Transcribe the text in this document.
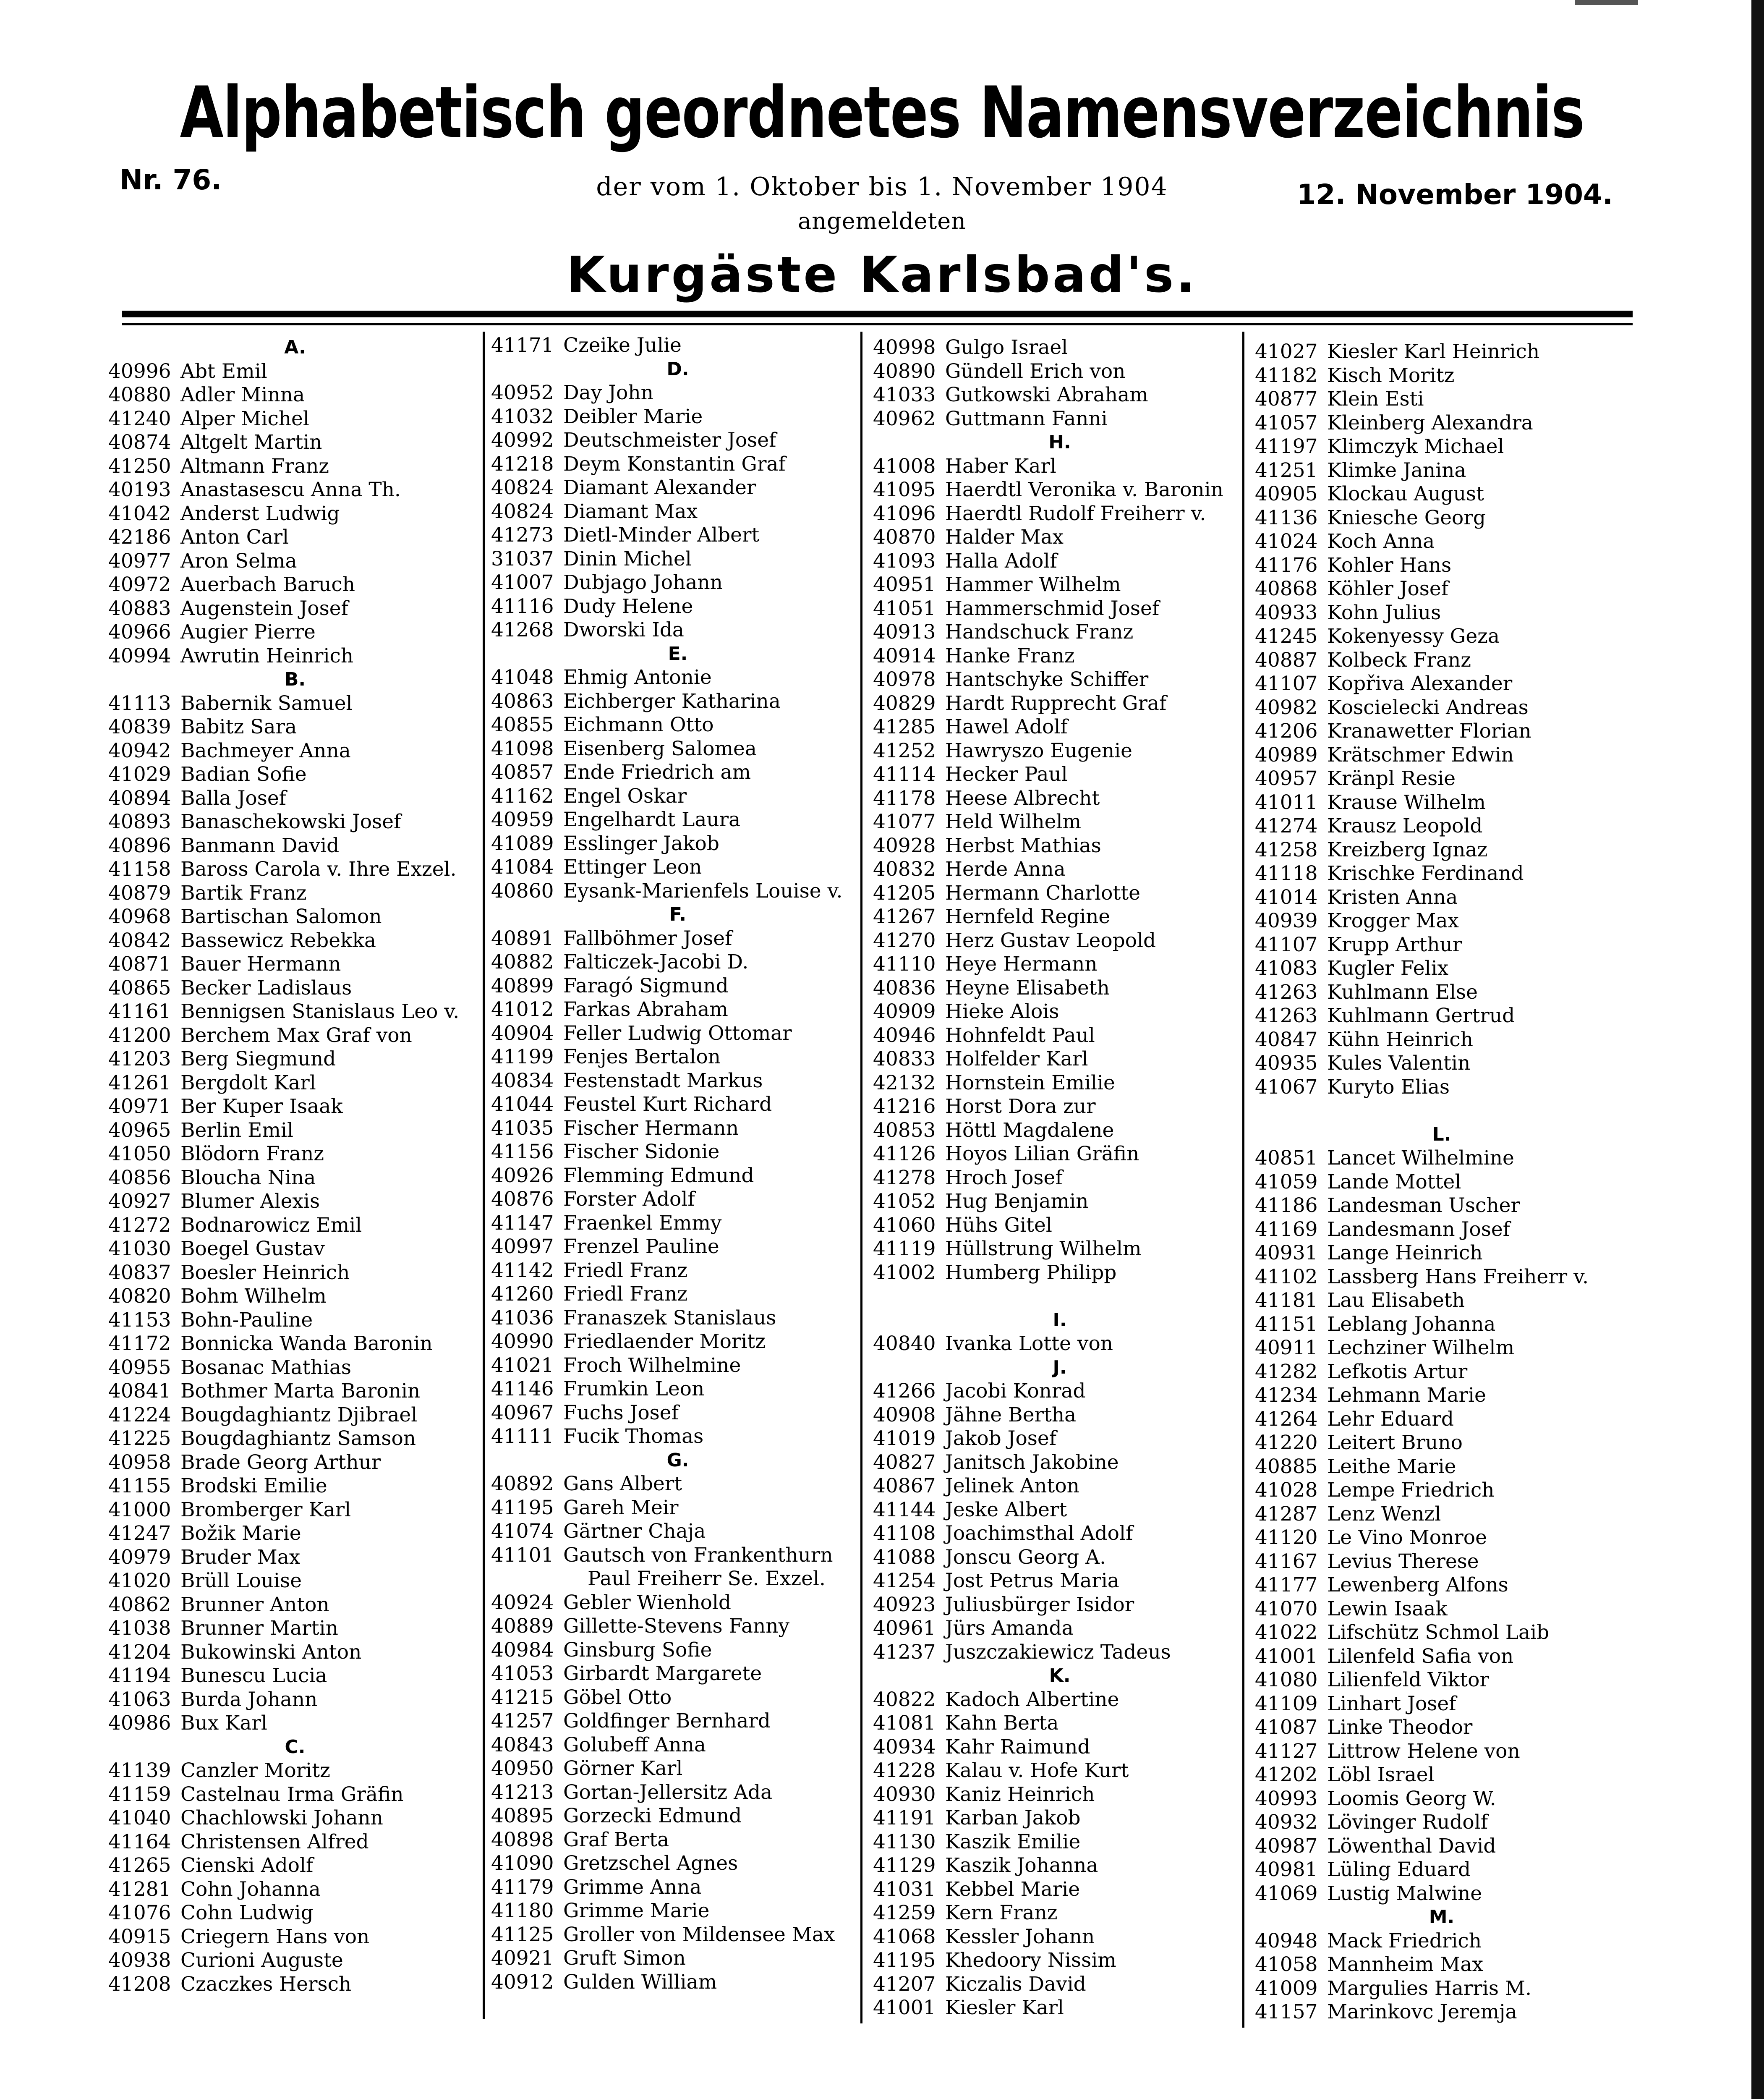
Alphabetisch geordnetes Namensverzeichnis
Nr. 76.	12. November 1904.
der vom 1. Oktober bis 1. November 1904
angemeldeten
Kurgäste Karlsbad's.
A.
40996 Abt Emil
40880 Adler Minna
41240 Alper Michel
40874 Altgelt Martin
41250 Altmann Franz
40193 Anastasescu Anna Th.
41042 Anderst Ludwig
42186 Anton Carl
40977 Aron Selma
40972 Auerbach Baruch
40883 Augenstein Josef
40966 Augier Pierre
40994 Awrutin Heinrich
B.
41113 Babernik Samuel
40839 Babitz Sara
40942 Bachmeyer Anna
41029 Badian Sofie
40894 Balla Josef
40893 Banaschekowski Josef
40896 Banmann David
41158 Baross Carola v. Ihre Exzel.
40879 Bartik Franz
40968 Bartischan Salomon
40842 Bassewicz Rebekka
40871 Bauer Hermann
40865 Becker Ladislaus
41161 Bennigsen Stanislaus Leo v.
41200 Berchem Max Graf von
41203 Berg Siegmund
41261 Bergdolt Karl
40971 Ber Kuper Isaak
40965 Berlin Emil
41050 Blödorn Franz
40856 Bloucha Nina
40927 Blumer Alexis
41272 Bodnarowicz Emil
41030 Boegel Gustav
40837 Boesler Heinrich
40820 Bohm Wilhelm
41153 Bohn-Pauline
41172 Bonnicka Wanda Baronin
40955 Bosanac Mathias
40841 Bothmer Marta Baronin
41224 Bougdaghiantz Djibrael
41225 Bougdaghiantz Samson
40958 Brade Georg Arthur
41155 Brodski Emilie
41000 Bromberger Karl
41247 Božik Marie
40979 Bruder Max
41020 Brüll Louise
40862 Brunner Anton
41038 Brunner Martin
41204 Bukowinski Anton
41194 Bunescu Lucia
41063 Burda Johann
40986 Bux Karl
C.
41139 Canzler Moritz
41159 Castelnau Irma Gräfin
41040 Chachlowski Johann
41164 Christensen Alfred
41265 Cienski Adolf
41281 Cohn Johanna
41076 Cohn Ludwig
40915 Criegern Hans von
40938 Curioni Auguste
41208 Czaczkes Hersch
41171 Czeike Julie
D.
40952 Day John
41032 Deibler Marie
40992 Deutschmeister Josef
41218 Deym Konstantin Graf
40824 Diamant Alexander
40824 Diamant Max
41273 Dietl-Minder Albert
31037 Dinin Michel
41007 Dubjago Johann
41116 Dudy Helene
41268 Dworski Ida
E.
41048 Ehmig Antonie
40863 Eichberger Katharina
40855 Eichmann Otto
41098 Eisenberg Salomea
40857 Ende Friedrich am
41162 Engel Oskar
40959 Engelhardt Laura
41089 Esslinger Jakob
41084 Ettinger Leon
40860 Eysank-Marienfels Louise v.
F.
40891 Fallböhmer Josef
40882 Falticzek-Jacobi D.
40899 Faragó Sigmund
41012 Farkas Abraham
40904 Feller Ludwig Ottomar
41199 Fenjes Bertalon
40834 Festenstadt Markus
41044 Feustel Kurt Richard
41035 Fischer Hermann
41156 Fischer Sidonie
40926 Flemming Edmund
40876 Forster Adolf
41147 Fraenkel Emmy
40997 Frenzel Pauline
41142 Friedl Franz
41260 Friedl Franz
41036 Franaszek Stanislaus
40990 Friedlaender Moritz
41021 Froch Wilhelmine
41146 Frumkin Leon
40967 Fuchs Josef
41111 Fucik Thomas
G.
40892 Gans Albert
41195 Gareh Meir
41074 Gärtner Chaja
41101 Gautsch von Frankenthurn
Paul Freiherr Se. Exzel.
40924 Gebler Wienhold
40889 Gillette-Stevens Fanny
40984 Ginsburg Sofie
41053 Girbardt Margarete
41215 Göbel Otto
41257 Goldfinger Bernhard
40843 Golubeff Anna
40950 Görner Karl
41213 Gortan-Jellersitz Ada
40895 Gorzecki Edmund
40898 Graf Berta
41090 Gretzschel Agnes
41179 Grimme Anna
41180 Grimme Marie
41125 Groller von Mildensee Max
40921 Gruft Simon
40912 Gulden William
40998 Gulgo Israel
40890 Gündell Erich von
41033 Gutkowski Abraham
40962 Guttmann Fanni
H.
41008 Haber Karl
41095 Haerdtl Veronika v. Baronin
41096 Haerdtl Rudolf Freiherr v.
40870 Halder Max
41093 Halla Adolf
40951 Hammer Wilhelm
41051 Hammerschmid Josef
40913 Handschuck Franz
40914 Hanke Franz
40978 Hantschyke Schiffer
40829 Hardt Rupprecht Graf
41285 Hawel Adolf
41252 Hawryszo Eugenie
41114 Hecker Paul
41178 Heese Albrecht
41077 Held Wilhelm
40928 Herbst Mathias
40832 Herde Anna
41205 Hermann Charlotte
41267 Hernfeld Regine
41270 Herz Gustav Leopold
41110 Heye Hermann
40836 Heyne Elisabeth
40909 Hieke Alois
40946 Hohnfeldt Paul
40833 Holfelder Karl
42132 Hornstein Emilie
41216 Horst Dora zur
40853 Höttl Magdalene
41126 Hoyos Lilian Gräfin
41278 Hroch Josef
41052 Hug Benjamin
41060 Hühs Gitel
41119 Hüllstrung Wilhelm
41002 Humberg Philipp
I.
40840 Ivanka Lotte von
J.
41266 Jacobi Konrad
40908 Jähne Bertha
41019 Jakob Josef
40827 Janitsch Jakobine
40867 Jelinek Anton
41144 Jeske Albert
41108 Joachimsthal Adolf
41088 Jonscu Georg A.
41254 Jost Petrus Maria
40923 Juliusbürger Isidor
40961 Jürs Amanda
41237 Juszczakiewicz Tadeus
K.
40822 Kadoch Albertine
41081 Kahn Berta
40934 Kahr Raimund
41228 Kalau v. Hofe Kurt
40930 Kaniz Heinrich
41191 Karban Jakob
41130 Kaszik Emilie
41129 Kaszik Johanna
41031 Kebbel Marie
41259 Kern Franz
41068 Kessler Johann
41195 Khedoory Nissim
41207 Kiczalis David
41001 Kiesler Karl
41027 Kiesler Karl Heinrich
41182 Kisch Moritz
40877 Klein Esti
41057 Kleinberg Alexandra
41197 Klimczyk Michael
41251 Klimke Janina
40905 Klockau August
41136 Kniesche Georg
41024 Koch Anna
41176 Kohler Hans
40868 Köhler Josef
40933 Kohn Julius
41245 Kokenyessy Geza
40887 Kolbeck Franz
41107 Kopřiva Alexander
40982 Koscielecki Andreas
41206 Kranawetter Florian
40989 Krätschmer Edwin
40957 Kränpl Resie
41011 Krause Wilhelm
41274 Krausz Leopold
41258 Kreizberg Ignaz
41118 Krischke Ferdinand
41014 Kristen Anna
40939 Krogger Max
41107 Krupp Arthur
41083 Kugler Felix
41263 Kuhlmann Else
41263 Kuhlmann Gertrud
40847 Kühn Heinrich
40935 Kules Valentin
41067 Kuryto Elias
L.
40851 Lancet Wilhelmine
41059 Lande Mottel
41186 Landesman Uscher
41169 Landesmann Josef
40931 Lange Heinrich
41102 Lassberg Hans Freiherr v.
41181 Lau Elisabeth
41151 Leblang Johanna
40911 Lechziner Wilhelm
41282 Lefkotis Artur
41234 Lehmann Marie
41264 Lehr Eduard
41220 Leitert Bruno
40885 Leithe Marie
41028 Lempe Friedrich
41287 Lenz Wenzl
41120 Le Vino Monroe
41167 Levius Therese
41177 Lewenberg Alfons
41070 Lewin Isaak
41022 Lifschütz Schmol Laib
41001 Lilenfeld Safia von
41080 Lilienfeld Viktor
41109 Linhart Josef
41087 Linke Theodor
41127 Littrow Helene von
41202 Löbl Israel
40993 Loomis Georg W.
40932 Lövinger Rudolf
40987 Löwenthal David
40981 Lüling Eduard
41069 Lustig Malwine
M.
40948 Mack Friedrich
41058 Mannheim Max
41009 Margulies Harris M.
41157 Marinkovc Jeremja
